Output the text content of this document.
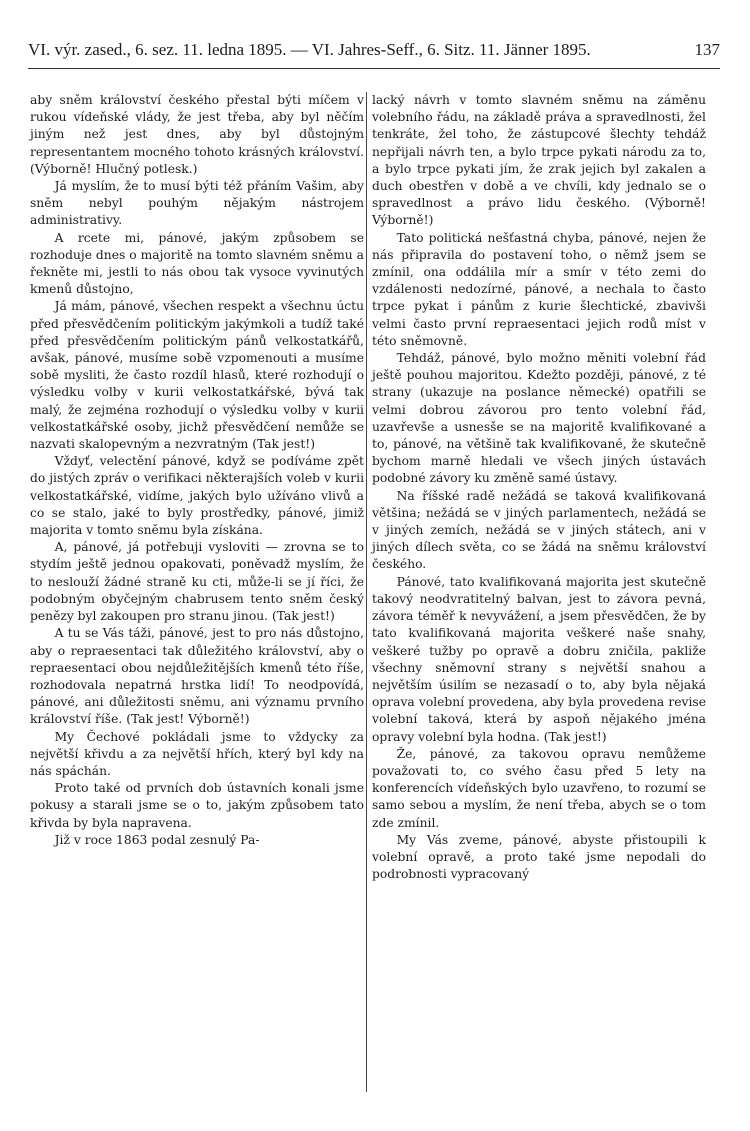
VI. výr. zased., 6. sez. 11. ledna 1895. — VI. Jahres-Seff., 6. Sitz. 11. Jänner 1895.	137

aby sněm království českého přestal býti míčem v rukou vídeňské vlády, že jest třeba, aby byl něčím jiným než jest dnes, aby byl důstojným representantem mocného tohoto krásných království. (Výborně! Hlučný potlesk.)

Já myslím, že to musí býti též přáním Vašim, aby sněm nebyl pouhým nějakým nástrojem administrativy.

A rcete mi, pánové, jakým způsobem se rozhoduje dnes o majoritě na tomto slavném sněmu a řekněte mi, jestli to nás obou tak vysoce vyvinutých kmenů důstojno,

Já mám, pánové, všechen respekt a všechnu úctu před přesvědčením politickým jakýmkoli a tudíž také před přesvědčením politickým pánů velkostatkářů, avšak, pánové, musíme sobě vzpomenouti a musíme sobě mysliti, že často rozdíl hlasů, které rozhodují o výsledku volby v kurii velkostatkářské, bývá tak malý, že zejména rozhodují o výsledku volby v kurii velkostatkářské osoby, jichž přesvědčení nemůže se nazvati skalopevným a nezvratným (Tak jest!)

Vždyť, velectění pánové, když se podíváme zpět do jistých zpráv o verifikaci některajších voleb v kurii velkostatkářské, vidíme, jakých bylo užíváno vlivů a co se stalo, jaké to byly prostředky, pánové, jimiž majorita v tomto sněmu byla získána.

A, pánové, já potřebuji vysloviti — zrovna se to stydím ještě jednou opakovati, poněvadž myslím, že to neslouží žádné straně ku cti, může-li se jí říci, že podobným obyčejným chabrusem tento sněm český penězy byl zakoupen pro stranu jinou. (Tak jest!)

A tu se Vás táži, pánové, jest to pro nás důstojno, aby o repraesentaci tak důležitého království, aby o repraesentaci obou nejdůležitějších kmenů této říše, rozhodovala nepatrná hrstka lidí! To neodpovídá, pánové, ani důležitosti sněmu, ani významu prvního království říše. (Tak jest! Výborně!)

My Čechové pokládali jsme to vždycky za největší křivdu a za největší hřích, který byl kdy na nás spáchán.

Proto také od prvních dob ústavních konali jsme pokusy a starali jsme se o to, jakým způsobem tato křivda by byla napravena.

Již v roce 1863 podal zesnulý Pa-

lacký návrh v tomto slavném sněmu na záměnu volebního řádu, na základě práva a spravedlnosti, žel tenkráte, žel toho, že zástupcové šlechty tehdáž nepřijali návrh ten, a bylo trpce pykati národu za to, a bylo trpce pykati jím, že zrak jejich byl zakalen a duch obestřen v době a ve chvíli, kdy jednalo se o spravedlnost a právo lidu českého. (Výborně! Výborně!)

Tato politická nešťastná chyba, pánové, nejen že nás připravila do postavení toho, o němž jsem se zmínil, ona oddálila mír a smír v této zemi do vzdálenosti nedozírné, pánové, a nechala to často trpce pykat i pánům z kurie šlechtické, zbavivši velmi často první repraesentaci jejich rodů míst v této sněmovně.

Tehdáž, pánové, bylo možno měniti volební řád ještě pouhou majoritou. Kdežto později, pánové, z té strany (ukazuje na poslance německé) opatřili se velmi dobrou závorou pro tento volební řád, uzavřevše a usnesše se na majoritě kvalifikované a to, pánové, na většině tak kvalifikované, že skutečně bychom marně hledali ve všech jiných ústavách podobné závory ku změně samé ústavy.

Na říšské radě nežádá se taková kvalifikovaná většina; nežádá se v jiných parlamentech, nežádá se v jiných zemích, nežádá se v jiných státech, ani v jiných dílech světa, co se žádá na sněmu království českého.

Pánové, tato kvalifikovaná majorita jest skutečně takový neodvratitelný balvan, jest to závora pevná, závora téměř k nevyvážení, a jsem přesvědčen, že by tato kvalifikovaná majorita veškeré naše snahy, veškeré tužby po opravě a dobru zničila, pakliže všechny sněmovní strany s největší snahou a největším úsilím se nezasadí o to, aby byla nějaká oprava volební provedena, aby byla provedena revise volební taková, která by aspoň nějakého jména opravy volební byla hodna. (Tak jest!)

Že, pánové, za takovou opravu nemůžeme považovati to, co svého času před 5 lety na konferencích vídeňských bylo uzavřeno, to rozumí se samo sebou a myslím, že není třeba, abych se o tom zde zmínil.

My Vás zveme, pánové, abyste přistoupili k volební opravě, a proto také jsme nepodali do podrobnosti vypracovaný
